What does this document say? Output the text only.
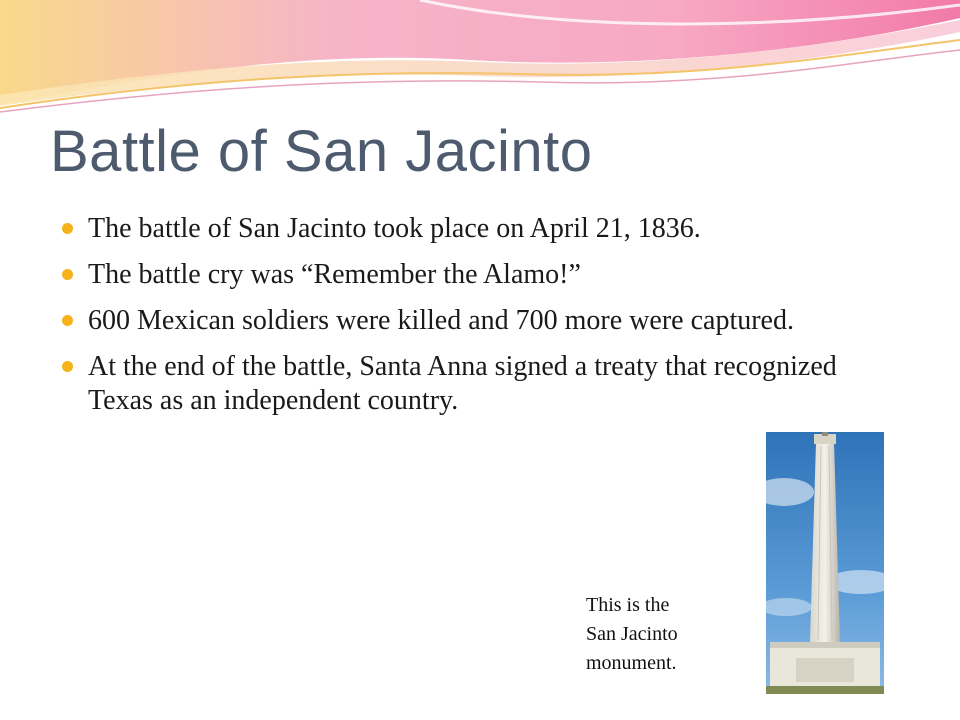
Battle of San Jacinto
The battle of San Jacinto took place on April 21, 1836.
The battle cry was “Remember the Alamo!”
600 Mexican soldiers were killed and 700 more were captured.
At the end of the battle, Santa Anna signed a treaty that recognized Texas as an independent country.
This is the
San Jacinto
monument.
